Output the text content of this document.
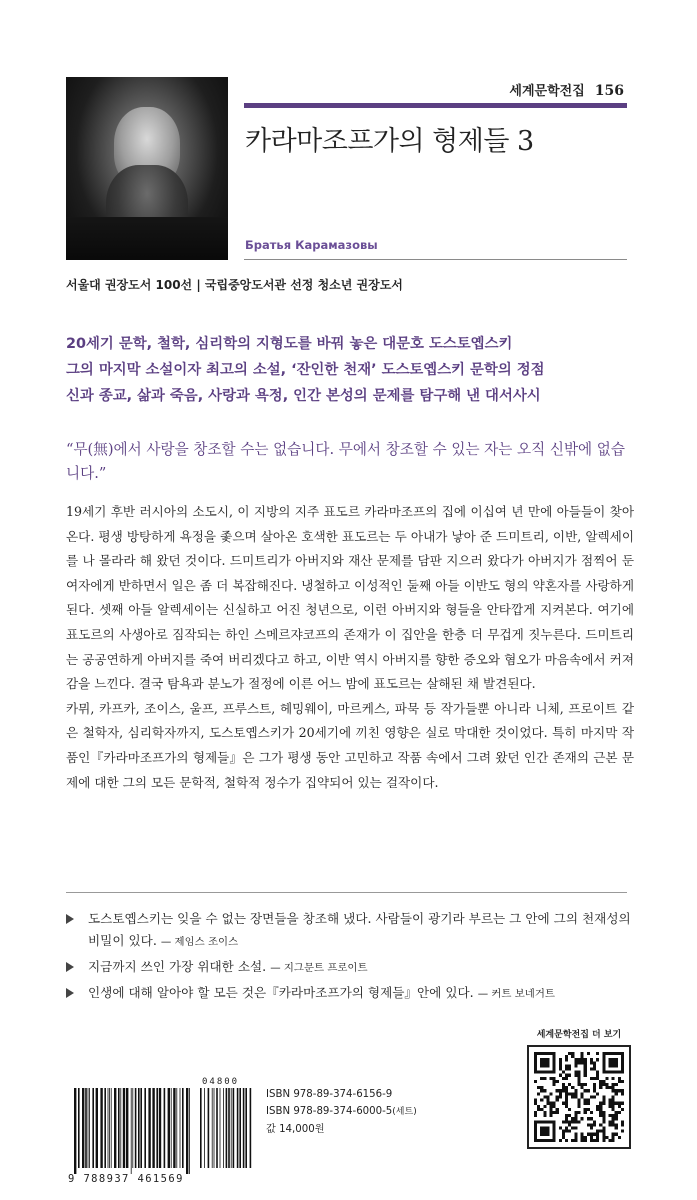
세계문학전집 156
카라마조프가의 형제들 3
Братья Карамазовы
서울대 권장도서 100선 | 국립중앙도서관 선정 청소년 권장도서
20세기 문학, 철학, 심리학의 지형도를 바꿔 놓은 대문호 도스토옙스키
그의 마지막 소설이자 최고의 소설, ‘잔인한 천재’ 도스토옙스키 문학의 정점
신과 종교, 삶과 죽음, 사랑과 욕정, 인간 본성의 문제를 탐구해 낸 대서사시
“무(無)에서 사랑을 창조할 수는 없습니다. 무에서 창조할 수 있는 자는 오직 신밖에 없습니다.”
19세기 후반 러시아의 소도시, 이 지방의 지주 표도르 카라마조프의 집에 이십여 년 만에 아들들이 찾아온다. 평생 방탕하게 욕정을 좇으며 살아온 호색한 표도르는 두 아내가 낳아 준 드미트리, 이반, 알렉세이를 나 몰라라 해 왔던 것이다. 드미트리가 아버지와 재산 문제를 담판 지으러 왔다가 아버지가 점찍어 둔 여자에게 반하면서 일은 좀 더 복잡해진다. 냉철하고 이성적인 둘째 아들 이반도 형의 약혼자를 사랑하게 된다. 셋째 아들 알렉세이는 신실하고 어진 청년으로, 이런 아버지와 형들을 안타깝게 지켜본다. 여기에 표도르의 사생아로 짐작되는 하인 스메르쟈코프의 존재가 이 집안을 한층 더 무겁게 짓누른다. 드미트리는 공공연하게 아버지를 죽여 버리겠다고 하고, 이반 역시 아버지를 향한 증오와 혐오가 마음속에서 커져 감을 느낀다. 결국 탐욕과 분노가 절정에 이른 어느 밤에 표도르는 살해된 채 발견된다.
카뮈, 카프카, 조이스, 울프, 프루스트, 헤밍웨이, 마르케스, 파묵 등 작가들뿐 아니라 니체, 프로이트 같은 철학자, 심리학자까지, 도스토옙스키가 20세기에 끼친 영향은 실로 막대한 것이었다. 특히 마지막 작품인『카라마조프가의 형제들』은 그가 평생 동안 고민하고 작품 속에서 그려 왔던 인간 존재의 근본 문제에 대한 그의 모든 문학적, 철학적 정수가 집약되어 있는 걸작이다.
도스토옙스키는 잊을 수 없는 장면들을 창조해 냈다. 사람들이 광기라 부르는 그 안에 그의 천재성의 비밀이 있다. — 제임스 조이스
지금까지 쓰인 가장 위대한 소설. — 지그문트 프로이트
인생에 대해 알아야 할 모든 것은『카라마조프가의 형제들』안에 있다. — 커트 보네거트
세계문학전집 더 보기
04800
9 788937 461569
ISBN 978-89-374-6156-9
ISBN 978-89-374-6000-5(세트)
값 14,000원
